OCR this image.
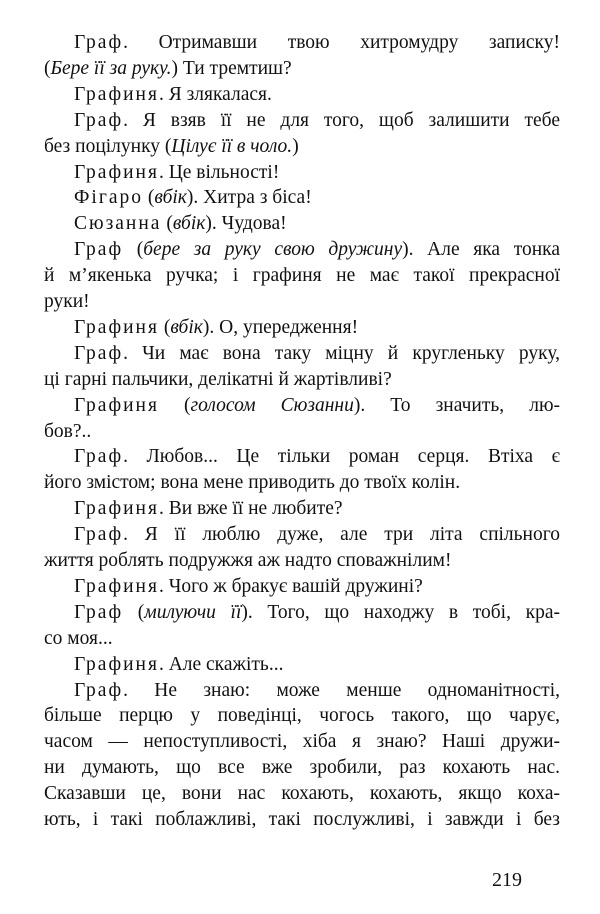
Граф. Отримавши твою хитромудру записку!
(Бере її за руку.) Ти тремтиш?
Графиня. Я злякалася.
Граф. Я взяв її не для того, щоб залишити тебе
без поцілунку (Цілує її в чоло.)
Графиня. Це вільності!
Фігаро (вбік). Хитра з біса!
Сюзанна (вбік). Чудова!
Граф (бере за руку свою дружину). Але яка тонка
й м’якенька ручка; і графиня не має такої прекрасної
руки!
Графиня (вбік). О, упередження!
Граф. Чи має вона таку міцну й кругленьку руку,
ці гарні пальчики, делікатні й жартівливі?
Графиня (голосом Сюзанни). То значить, лю-
бов?..
Граф. Любов... Це тільки роман серця. Втіха є
його змістом; вона мене приводить до твоїх колін.
Графиня. Ви вже її не любите?
Граф. Я її люблю дуже, але три літа спільного
життя роблять подружжя аж надто споважнілим!
Графиня. Чого ж бракує вашій дружині?
Граф (милуючи її). Того, що находжу в тобі, кра-
со моя...
Графиня. Але скажіть...
Граф. Не знаю: може менше одноманітності,
більше перцю у поведінці, чогось такого, що чарує,
часом — непоступливості, хіба я знаю? Наші дружи-
ни думають, що все вже зробили, раз кохають нас.
Сказавши це, вони нас кохають, кохають, якщо коха-
ють, і такі поблажливі, такі послужливі, і завжди і без
219
